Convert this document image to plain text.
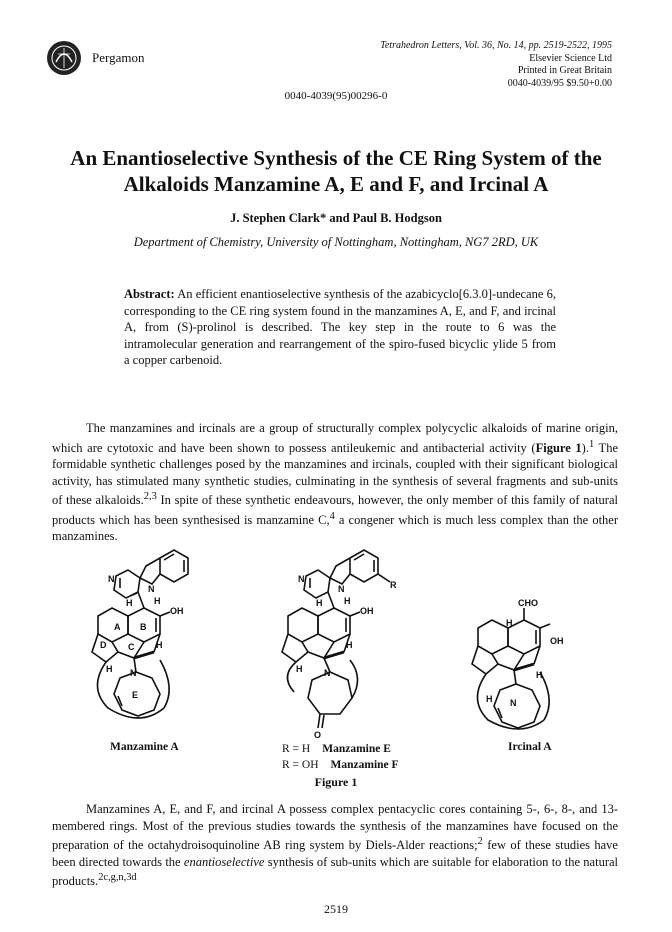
Pergamon
Tetrahedron Letters, Vol. 36, No. 14, pp. 2519-2522, 1995
Elsevier Science Ltd
Printed in Great Britain
0040-4039/95 $9.50+0.00
0040-4039(95)00296-0
An Enantioselective Synthesis of the CE Ring System of the Alkaloids Manzamine A, E and F, and Ircinal A
J. Stephen Clark* and Paul B. Hodgson
Department of Chemistry, University of Nottingham, Nottingham, NG7 2RD, UK
Abstract: An efficient enantioselective synthesis of the azabicyclo[6.3.0]-undecane 6, corresponding to the CE ring system found in the manzamines A, E, and F, and ircinal A, from (S)-prolinol is described. The key step in the route to 6 was the intramolecular generation and rearrangement of the spiro-fused bicyclic ylide 5 from a copper carbenoid.
The manzamines and ircinals are a group of structurally complex polycyclic alkaloids of marine origin, which are cytotoxic and have been shown to possess antileukemic and antibacterial activity (Figure 1).$^1$ The formidable synthetic challenges posed by the manzamines and ircinals, coupled with their significant biological activity, has stimulated many synthetic studies, culminating in the synthesis of several fragments and sub-units of these alkaloids.$^{2,3}$ In spite of these synthetic endeavours, however, the only member of this family of natural products which has been synthesised is manzamine C,$^4$ a congener which is much less complex than the other manzamines.
N
N
H
H
OH
H
N
H
A B
C
D
E
N
N
H
H
R
OH
H
N
H
O
CHO
H
OH
H
N
H
Manzamine A	R = H Manzamine E
R = OH Manzamine F
Ircinal A
Figure 1
Manzamines A, E, and F, and ircinal A possess complex pentacyclic cores containing 5-, 6-, 8-, and 13-membered rings. Most of the previous studies towards the synthesis of the manzamines have focused on the preparation of the octahydroisoquinoline AB ring system by Diels-Alder reactions;$^2$ few of these studies have been directed towards the enantioselective synthesis of sub-units which are suitable for elaboration to the natural products.$^{2c,g,n,3d}$
2519
